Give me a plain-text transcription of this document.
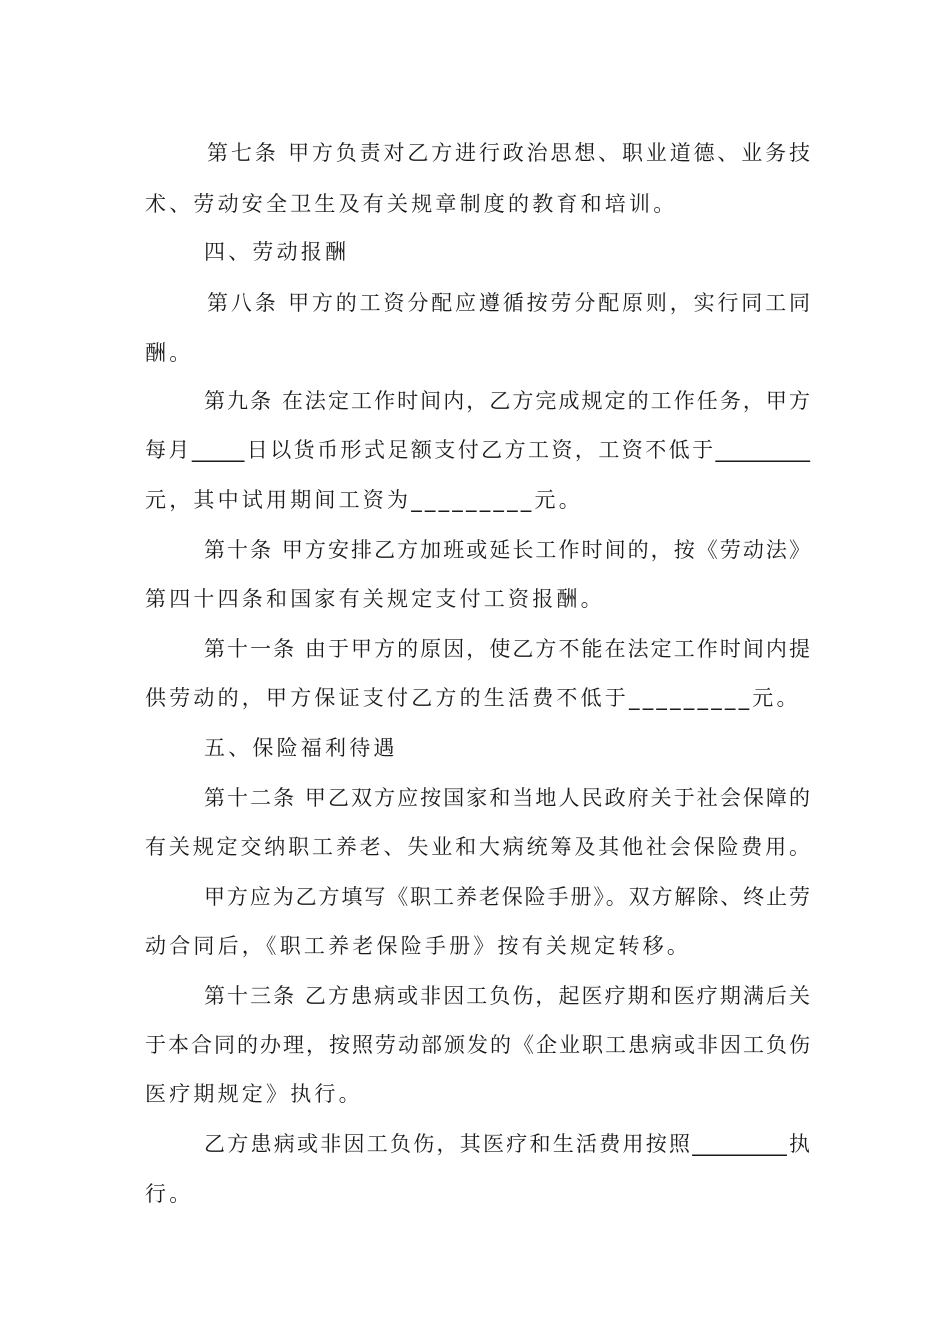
第七条 甲方负责对乙方进行政治思想、职业道德、业务技
术、劳动安全卫生及有关规章制度的教育和培训。
四、劳动报酬
第八条 甲方的工资分配应遵循按劳分配原则，实行同工同
酬。
第九条 在法定工作时间内，乙方完成规定的工作任务，甲方
每月_____日以货币形式足额支付乙方工资，工资不低于_________
元，其中试用期间工资为_________元。
第十条 甲方安排乙方加班或延长工作时间的，按《劳动法》
第四十四条和国家有关规定支付工资报酬。
第十一条 由于甲方的原因，使乙方不能在法定工作时间内提
供劳动的，甲方保证支付乙方的生活费不低于_________元。
五、保险福利待遇
第十二条 甲乙双方应按国家和当地人民政府关于社会保障的
有关规定交纳职工养老、失业和大病统筹及其他社会保险费用。
甲方应为乙方填写《职工养老保险手册》。双方解除、终止劳
动合同后，《职工养老保险手册》按有关规定转移。
第十三条 乙方患病或非因工负伤，起医疗期和医疗期满后关
于本合同的办理，按照劳动部颁发的《企业职工患病或非因工负伤
医疗期规定》执行。
乙方患病或非因工负伤，其医疗和生活费用按照_________执
行。
